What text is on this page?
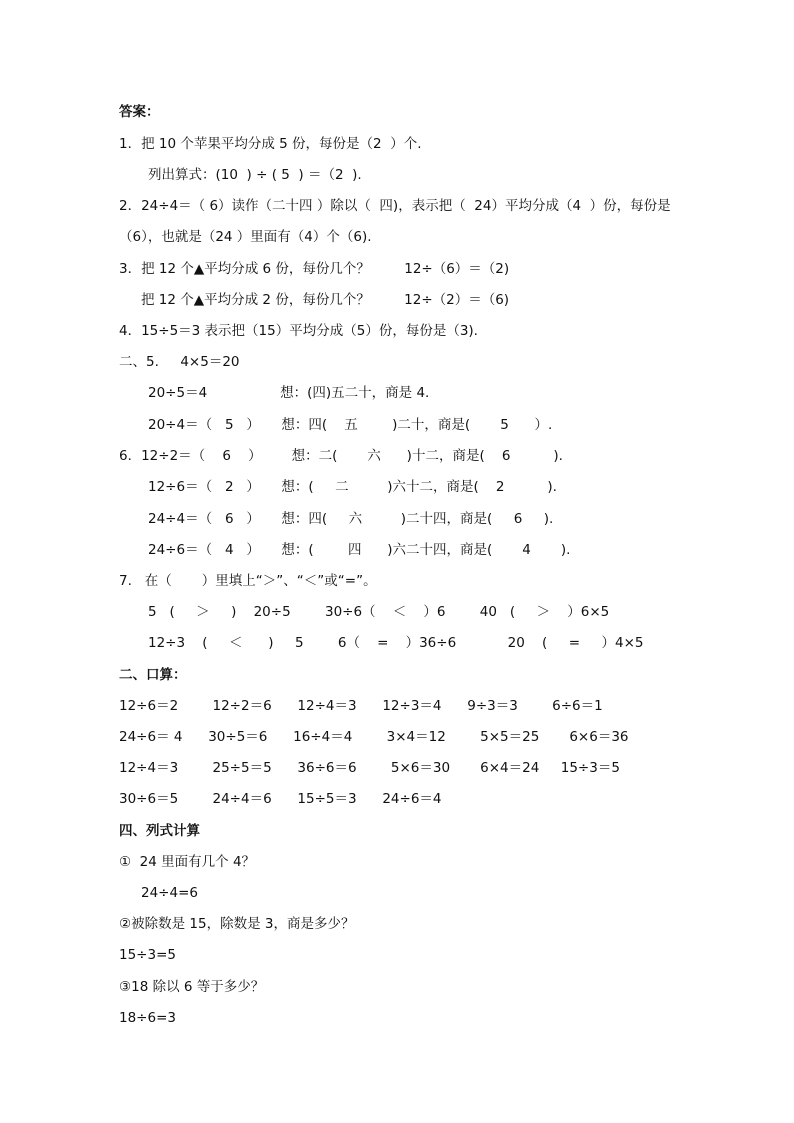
答案：
1．把 10 个苹果平均分成 5 份，每份是（2  ）个.
列出算式：(10  ) ÷ ( 5  ) ＝（2  ).
2．24÷4＝（ 6）读作（二十四 ）除以（  四)，表示把（  24）平均分成（4  ）份，每份是
（6），也就是（24 ）里面有（4）个（6).
3．把 12 个▲平均分成 6 份，每份几个？        12÷（6）＝（2)
把 12 个▲平均分成 2 份，每份几个？        12÷（2）＝（6)
4．15÷5＝3 表示把（15）平均分成（5）份，每份是（3).
二、5.     4×5＝20
20÷5＝4                 想：(四)五二十，商是 4.
20÷4＝（   5   ）     想：四(    五        )二十，商是(       5      ）.
6．12÷2＝（    6    ）       想：二(       六      )十二，商是(    6          ).
12÷6＝（   2   ）     想：(     二         )六十二，商是(    2          ).
24÷4＝（   6   ）     想：四(     六         )二十四，商是(     6     ).
24÷6＝（   4   ）     想：(        四      )六二十四，商是(       4       ).
7.   在（       ）里填上“＞”、“＜”或“=”。
5   (     ＞     )    20÷5        30÷6（    ＜    ）6        40   (     ＞    ）6×5
12÷3    (     ＜      )     5        6（    =    ）36÷6            20    (     =     ）4×5
二、口算：
12÷6＝2        12÷2＝6      12÷4＝3      12÷3＝4      9÷3＝3        6÷6＝1
24÷6＝ 4      30÷5＝6      16÷4＝4        3×4＝12        5×5＝25       6×6＝36
12÷4＝3        25÷5＝5      36÷6＝6        5×6＝30       6×4＝24     15÷3＝5
30÷6＝5        24÷4＝6      15÷5＝3      24÷6＝4
四、列式计算
①  24 里面有几个 4？
24÷4=6
②被除数是 15，除数是 3，商是多少？
15÷3=5
③18 除以 6 等于多少？
18÷6=3
